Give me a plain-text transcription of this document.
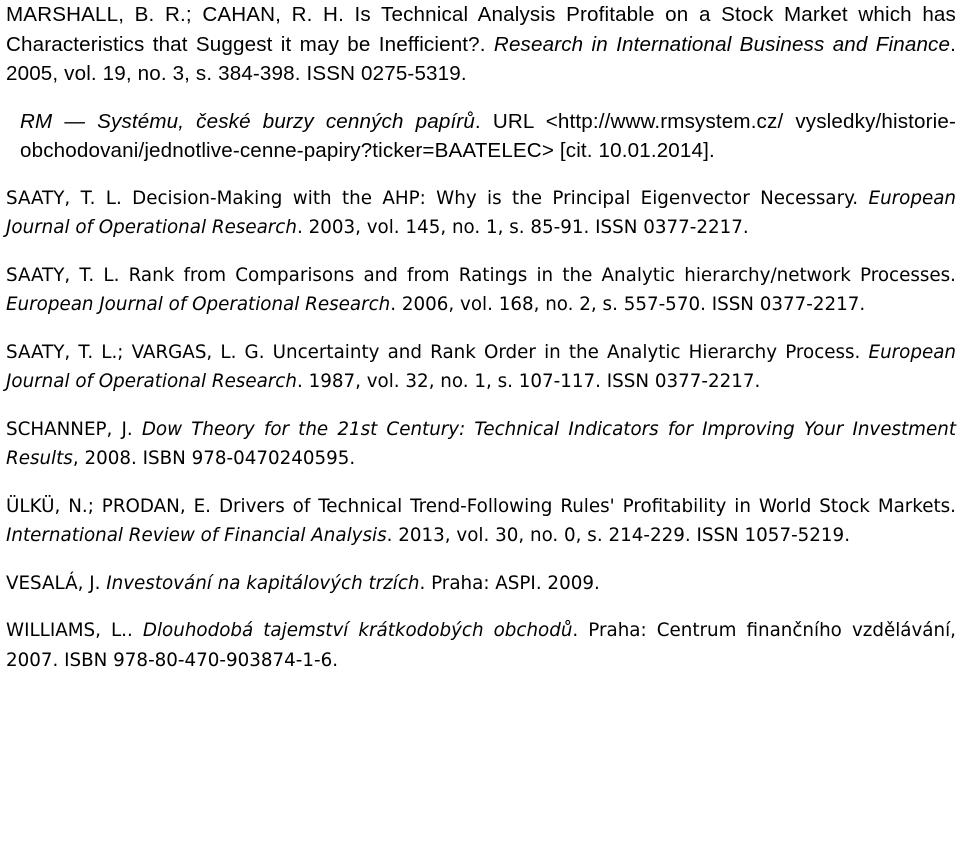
MARSHALL, B. R.; CAHAN, R. H. Is Technical Analysis Profitable on a Stock Market which has Characteristics that Suggest it may be Inefficient?. Research in International Business and Finance. 2005, vol. 19, no. 3, s. 384-398. ISSN 0275-5319.

RM — Systému, české burzy cenných papírů. URL <http://www.rmsystem.cz/ vysledky/historie-obchodovani/jednotlive-cenne-papiry?ticker=BAATELEC> [cit. 10.01.2014].

SAATY, T. L. Decision-Making with the AHP: Why is the Principal Eigenvector Necessary. European Journal of Operational Research. 2003, vol. 145, no. 1, s. 85-91. ISSN 0377-2217.

SAATY, T. L. Rank from Comparisons and from Ratings in the Analytic hierarchy/network Processes. European Journal of Operational Research. 2006, vol. 168, no. 2, s. 557-570. ISSN 0377-2217.

SAATY, T. L.; VARGAS, L. G. Uncertainty and Rank Order in the Analytic Hierarchy Process. European Journal of Operational Research. 1987, vol. 32, no. 1, s. 107-117. ISSN 0377-2217.

SCHANNEP, J. Dow Theory for the 21st Century: Technical Indicators for Improving Your Investment Results, 2008. ISBN 978-0470240595.

ÜLKÜ, N.; PRODAN, E. Drivers of Technical Trend-Following Rules' Profitability in World Stock Markets. International Review of Financial Analysis. 2013, vol. 30, no. 0, s. 214-229. ISSN 1057-5219.

VESALÁ, J. Investování na kapitálových trzích. Praha: ASPI. 2009.

WILLIAMS, L.. Dlouhodobá tajemství krátkodobých obchodů. Praha: Centrum finančního vzdělávání, 2007. ISBN 978-80-470-903874-1-6.
